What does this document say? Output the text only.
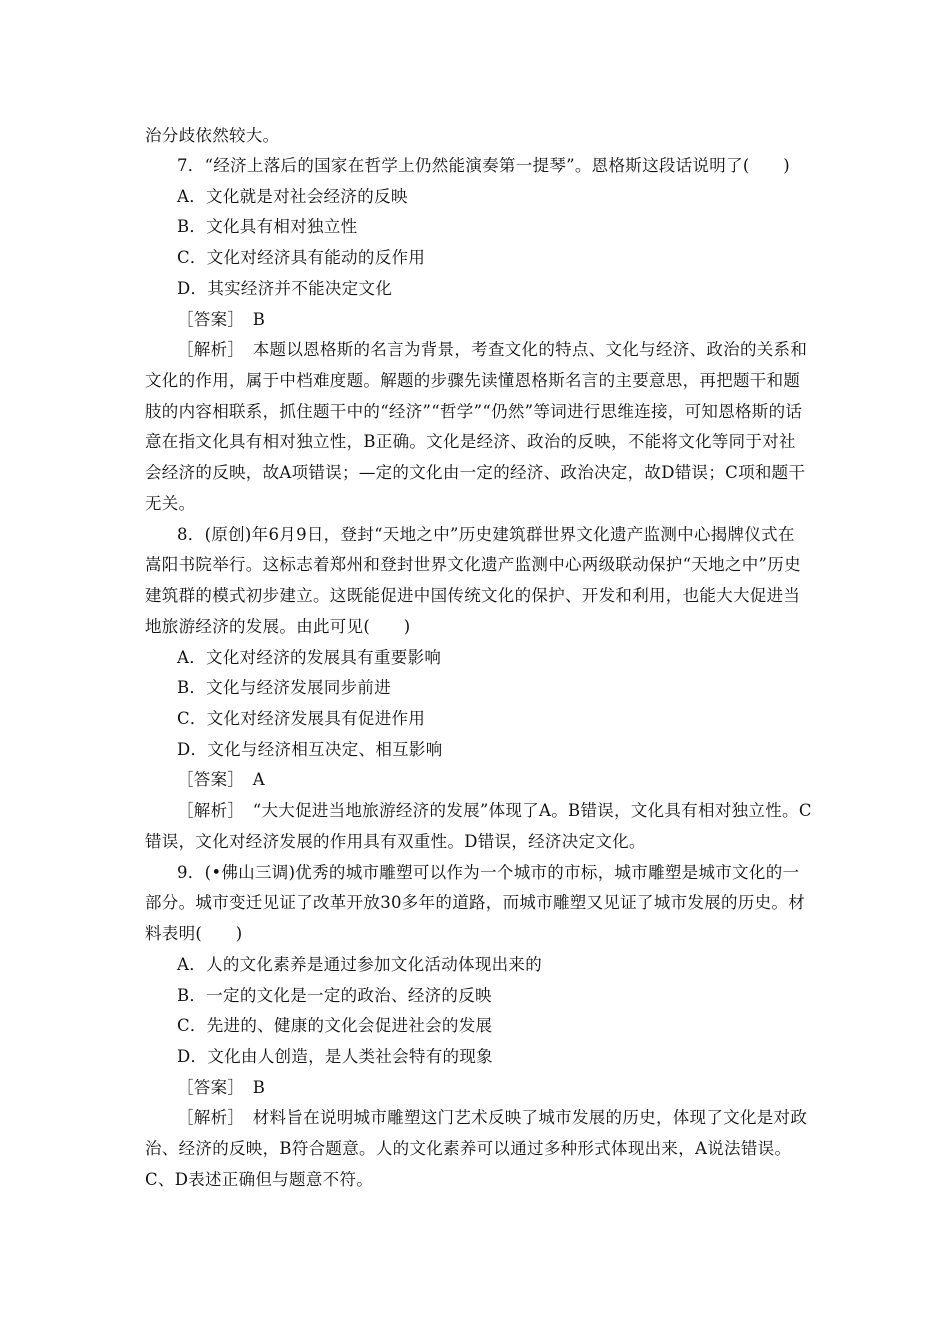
治分歧依然较大。
7．“经济上落后的国家在哲学上仍然能演奏第一提琴”。恩格斯这段话说明了(　　)
A．文化就是对社会经济的反映
B．文化具有相对独立性
C．文化对经济具有能动的反作用
D．其实经济并不能决定文化
［答案］　B
［解析］　本题以恩格斯的名言为背景，考查文化的特点、文化与经济、政治的关系和
文化的作用，属于中档难度题。解题的步骤先读懂恩格斯名言的主要意思，再把题干和题
肢的内容相联系，抓住题干中的“经济”“哲学”“仍然”等词进行思维连接，可知恩格斯的话
意在指文化具有相对独立性，B正确。文化是经济、政治的反映，不能将文化等同于对社
会经济的反映，故A项错误；—定的文化由一定的经济、政治决定，故D错误；C项和题干
无关。
8．(原创)年6月9日，登封“天地之中”历史建筑群世界文化遗产监测中心揭牌仪式在
嵩阳书院举行。这标志着郑州和登封世界文化遗产监测中心两级联动保护“天地之中”历史
建筑群的模式初步建立。这既能促进中国传统文化的保护、开发和利用，也能大大促进当
地旅游经济的发展。由此可见(　　)
A．文化对经济的发展具有重要影响
B．文化与经济发展同步前进
C．文化对经济发展具有促进作用
D．文化与经济相互决定、相互影响
［答案］　A
［解析］　“大大促进当地旅游经济的发展”体现了A。B错误，文化具有相对独立性。C
错误，文化对经济发展的作用具有双重性。D错误，经济决定文化。
9．(•佛山三调)优秀的城市雕塑可以作为一个城市的市标，城市雕塑是城市文化的一
部分。城市变迁见证了改革开放30多年的道路，而城市雕塑又见证了城市发展的历史。材
料表明(　　)
A．人的文化素养是通过参加文化活动体现出来的
B．一定的文化是一定的政治、经济的反映
C．先进的、健康的文化会促进社会的发展
D．文化由人创造，是人类社会特有的现象
［答案］　B
［解析］　材料旨在说明城市雕塑这门艺术反映了城市发展的历史，体现了文化是对政
治、经济的反映，B符合题意。人的文化素养可以通过多种形式体现出来，A说法错误。
C、D表述正确但与题意不符。
